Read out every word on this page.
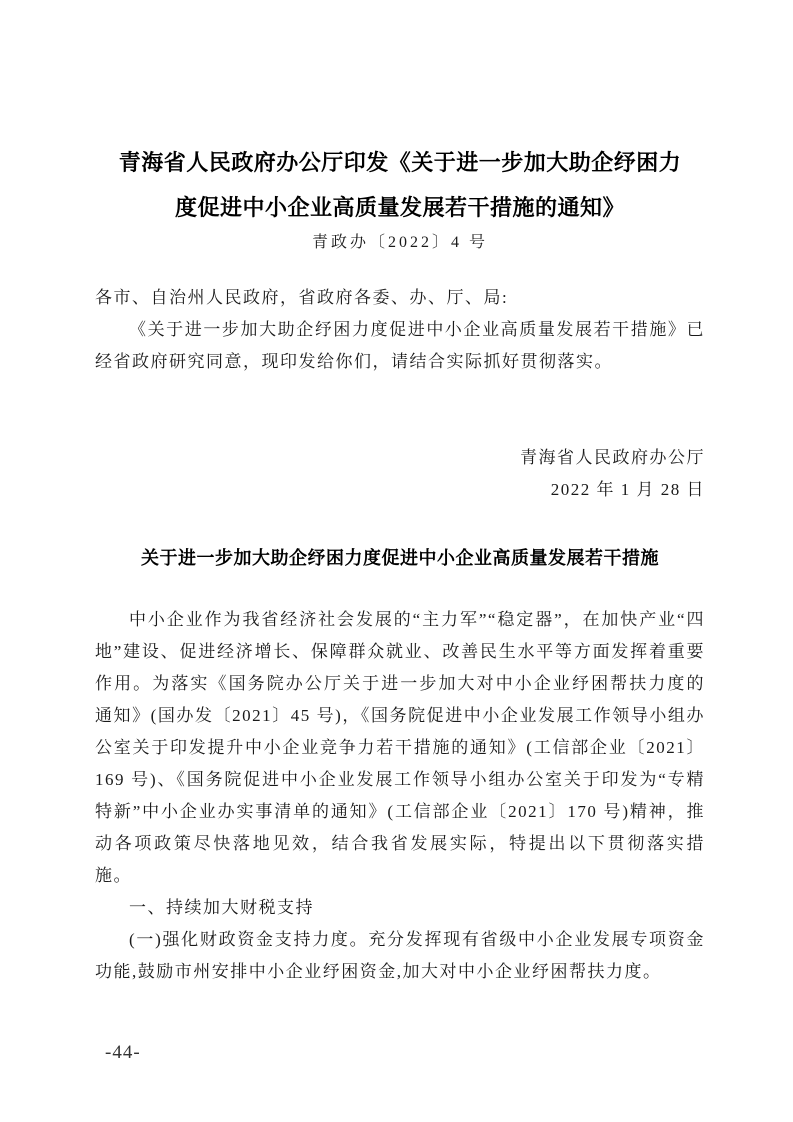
青海省人民政府办公厅印发《关于进一步加大助企纾困力
度促进中小企业高质量发展若干措施的通知》
青政办〔2022〕4 号

各市、自治州人民政府，省政府各委、办、厅、局:

《关于进一步加大助企纾困力度促进中小企业高质量发展若干措施》已经省政府研究同意，现印发给你们，请结合实际抓好贯彻落实。

青海省人民政府办公厅
2022 年 1 月 28 日
关于进一步加大助企纾困力度促进中小企业高质量发展若干措施

中小企业作为我省经济社会发展的“主力军”“稳定器”，在加快产业“四地”建设、促进经济增长、保障群众就业、改善民生水平等方面发挥着重要作用。为落实《国务院办公厅关于进一步加大对中小企业纾困帮扶力度的通知》(国办发〔2021〕45 号)，《国务院促进中小企业发展工作领导小组办公室关于印发提升中小企业竞争力若干措施的通知》(工信部企业〔2021〕169 号)、《国务院促进中小企业发展工作领导小组办公室关于印发为“专精特新”中小企业办实事清单的通知》(工信部企业〔2021〕170 号)精神，推动各项政策尽快落地见效，结合我省发展实际，特提出以下贯彻落实措施。

一、持续加大财税支持

(一)强化财政资金支持力度。充分发挥现有省级中小企业发展专项资金功能,鼓励市州安排中小企业纾困资金,加大对中小企业纾困帮扶力度。

-44-
